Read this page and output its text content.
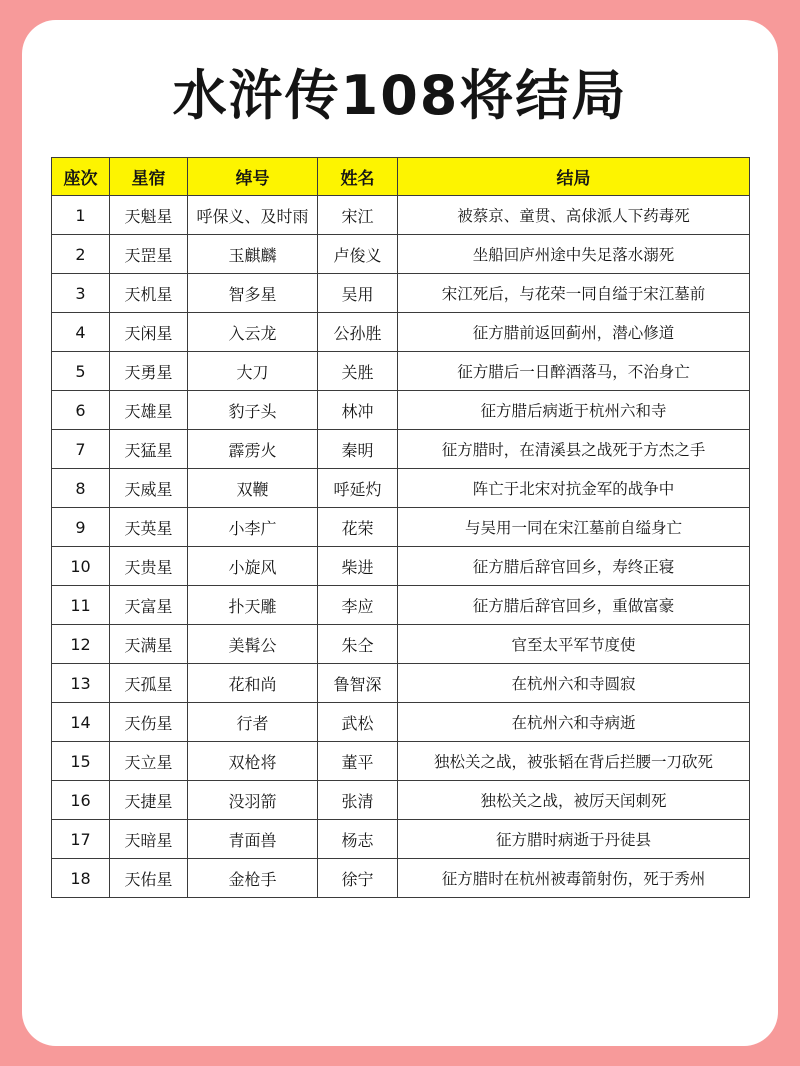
水浒传108将结局
座次	星宿	绰号	姓名	结局
1	天魁星	呼保义、及时雨	宋江	被蔡京、童贯、高俅派人下药毒死
2	天罡星	玉麒麟	卢俊义	坐船回庐州途中失足落水溺死
3	天机星	智多星	吴用	宋江死后，与花荣一同自缢于宋江墓前
4	天闲星	入云龙	公孙胜	征方腊前返回蓟州，潜心修道
5	天勇星	大刀	关胜	征方腊后一日醉酒落马，不治身亡
6	天雄星	豹子头	林冲	征方腊后病逝于杭州六和寺
7	天猛星	霹雳火	秦明	征方腊时，在清溪县之战死于方杰之手
8	天威星	双鞭	呼延灼	阵亡于北宋对抗金军的战争中
9	天英星	小李广	花荣	与吴用一同在宋江墓前自缢身亡
10	天贵星	小旋风	柴进	征方腊后辞官回乡，寿终正寝
11	天富星	扑天雕	李应	征方腊后辞官回乡，重做富豪
12	天满星	美髯公	朱仝	官至太平军节度使
13	天孤星	花和尚	鲁智深	在杭州六和寺圆寂
14	天伤星	行者	武松	在杭州六和寺病逝
15	天立星	双枪将	董平	独松关之战，被张韬在背后拦腰一刀砍死
16	天捷星	没羽箭	张清	独松关之战，被厉天闰刺死
17	天暗星	青面兽	杨志	征方腊时病逝于丹徒县
18	天佑星	金枪手	徐宁	征方腊时在杭州被毒箭射伤，死于秀州
